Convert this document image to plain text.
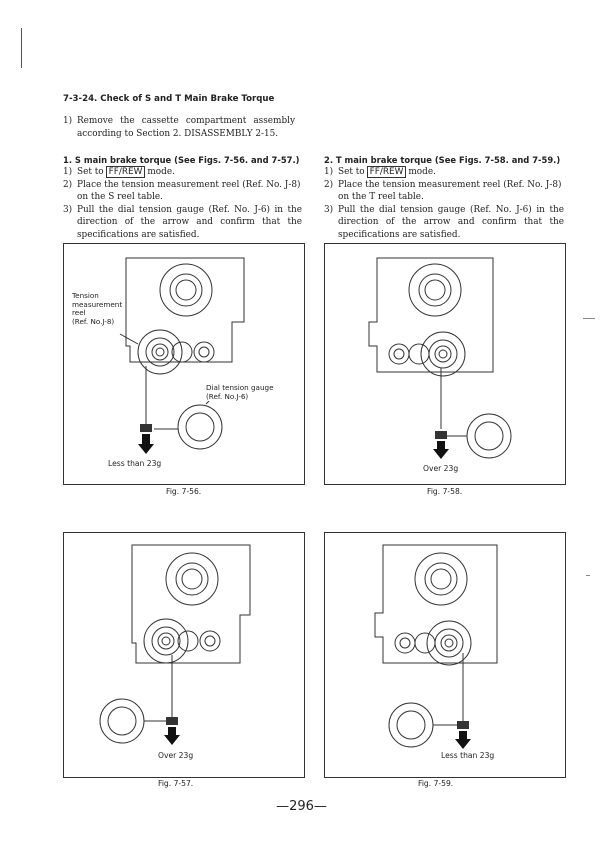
7-3-24. Check of S and T Main Brake Torque
1) Remove the cassette compartment assembly according to Section 2. DISASSEMBLY 2-15.
1. S main brake torque (See Figs. 7-56. and 7-57.)
1) Set to FF/REW mode.
2) Place the tension measurement reel (Ref. No. J-8) on the S reel table.
3) Pull the dial tension gauge (Ref. No. J-6) in the direction of the arrow and confirm that the specifications are satisfied.
2. T main brake torque (See Figs. 7-58. and 7-59.)
1) Set to FF/REW mode.
2) Place the tension measurement reel (Ref. No. J-8) on the T reel table.
3) Pull the dial tension gauge (Ref. No. J-6) in the direction of the arrow and confirm that the specifications are satisfied.
Tension
measurement
reel
(Ref. No.J-8)
Dial tension gauge
(Ref. No.J-6)
Less than 23g
Fig. 7-56.
Over 23g
Fig. 7-58.
Over 23g
Fig. 7-57.
Less than 23g
Fig. 7-59.
—296—
